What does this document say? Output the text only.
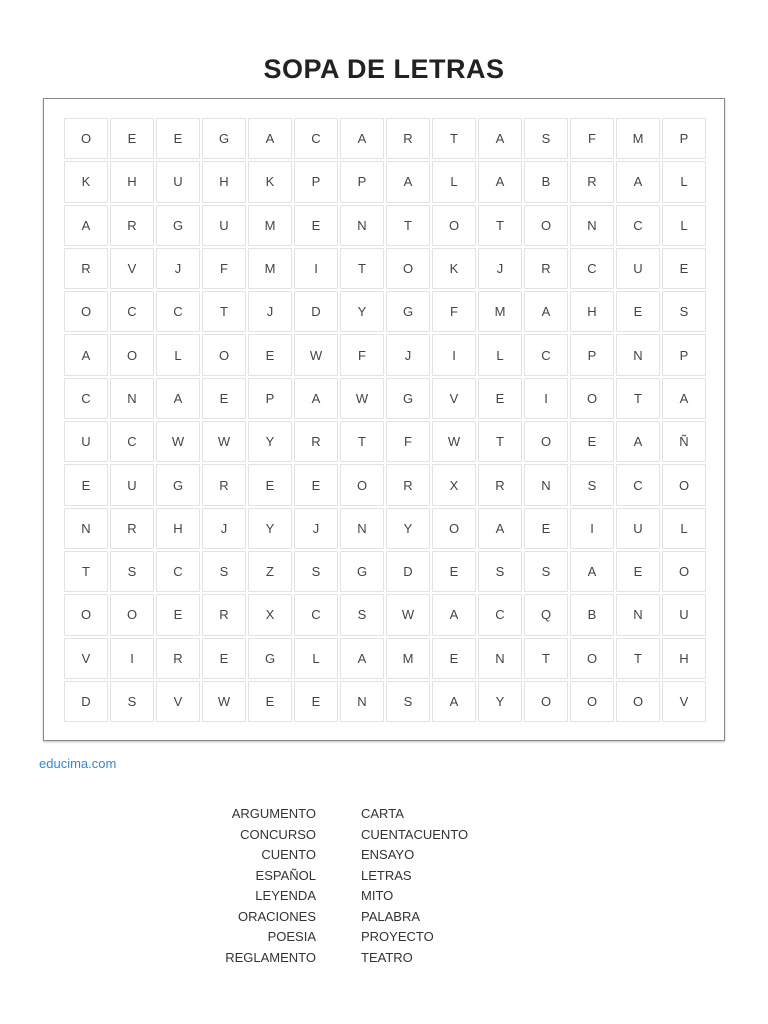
SOPA DE LETRAS
O	E	E	G	A	C	A	R	T	A	S	F	M	P
K	H	U	H	K	P	P	A	L	A	B	R	A	L
A	R	G	U	M	E	N	T	O	T	O	N	C	L
R	V	J	F	M	I	T	O	K	J	R	C	U	E
O	C	C	T	J	D	Y	G	F	M	A	H	E	S
A	O	L	O	E	W	F	J	I	L	C	P	N	P
C	N	A	E	P	A	W	G	V	E	I	O	T	A
U	C	W	W	Y	R	T	F	W	T	O	E	A	Ñ
E	U	G	R	E	E	O	R	X	R	N	S	C	O
N	R	H	J	Y	J	N	Y	O	A	E	I	U	L
T	S	C	S	Z	S	G	D	E	S	S	A	E	O
O	O	E	R	X	C	S	W	A	C	Q	B	N	U
V	I	R	E	G	L	A	M	E	N	T	O	T	H
D	S	V	W	E	E	N	S	A	Y	O	O	O	V
educima.com
ARGUMENTO
CONCURSO
CUENTO
ESPAÑOL
LEYENDA
ORACIONES
POESIA
REGLAMENTO
CARTA
CUENTACUENTO
ENSAYO
LETRAS
MITO
PALABRA
PROYECTO
TEATRO
